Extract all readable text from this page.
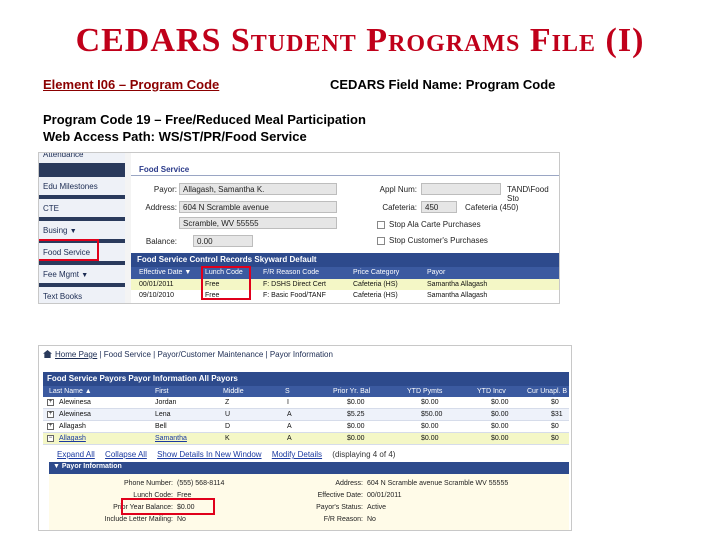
CEDARS Student Programs File (I)
Element I06 – Program Code	CEDARS Field Name: Program Code
Program Code 19 – Free/Reduced Meal Participation
Web Access Path: WS/ST/PR/Food Service
Attendance
Edu Milestones
CTE
Busing ▼
Food Service
Fee Mgmt ▼
Text Books
Food Service
Payor: Allagash, Samantha K.
Address: 604 N Scramble avenue
Scramble, WV 55555
Balance:	0.00
Appl Num:	TAND\Food Sto
Cafeteria:	450	Cafeteria (450)
Stop Ala Carte Purchases
Stop Customer's Purchases
Food Service Control Records Skyward Default
Effective Date ▼ Lunch Code	F/R Reason Code	Price Category	Payor
00/01/2011	Free	F: DSHS Direct Cert	Cafeteria (HS)	Samantha Allagash
09/10/2010	Free	F: Basic Food/TANF	Cafeteria (HS)	Samantha Allagash
Home Page | Food Service | Payor/Customer Maintenance | Payor Information
Food Service Payors Payor Information All Payors
Last Name ▲	First	Middle	S	Prior Yr. Bal	YTD Pymts	YTD Incv	Cur Unapl. B
+ Alewinesa	Jordan	Z	I	$0.00	$0.00	$0.00	$0
+ Alewinesa	Lena	U	A	$5.25	$50.00	$0.00	$31
+ Allagash	Bell	D	A	$0.00	$0.00	$0.00	$0
− Allagash	Samantha	K	A	$0.00	$0.00	$0.00	$0
Expand All Collapse All Show Details In New Window Modify Details (displaying 4 of 4)
▼ Payor Information
Phone Number: (555) 568-8114
Lunch Code: Free
Prior Year Balance: $0.00
Include Letter Mailing: No
Address: 604 N Scramble avenue Scramble WV 55555
Effective Date: 00/01/2011
Payor's Status: Active
F/R Reason: No
